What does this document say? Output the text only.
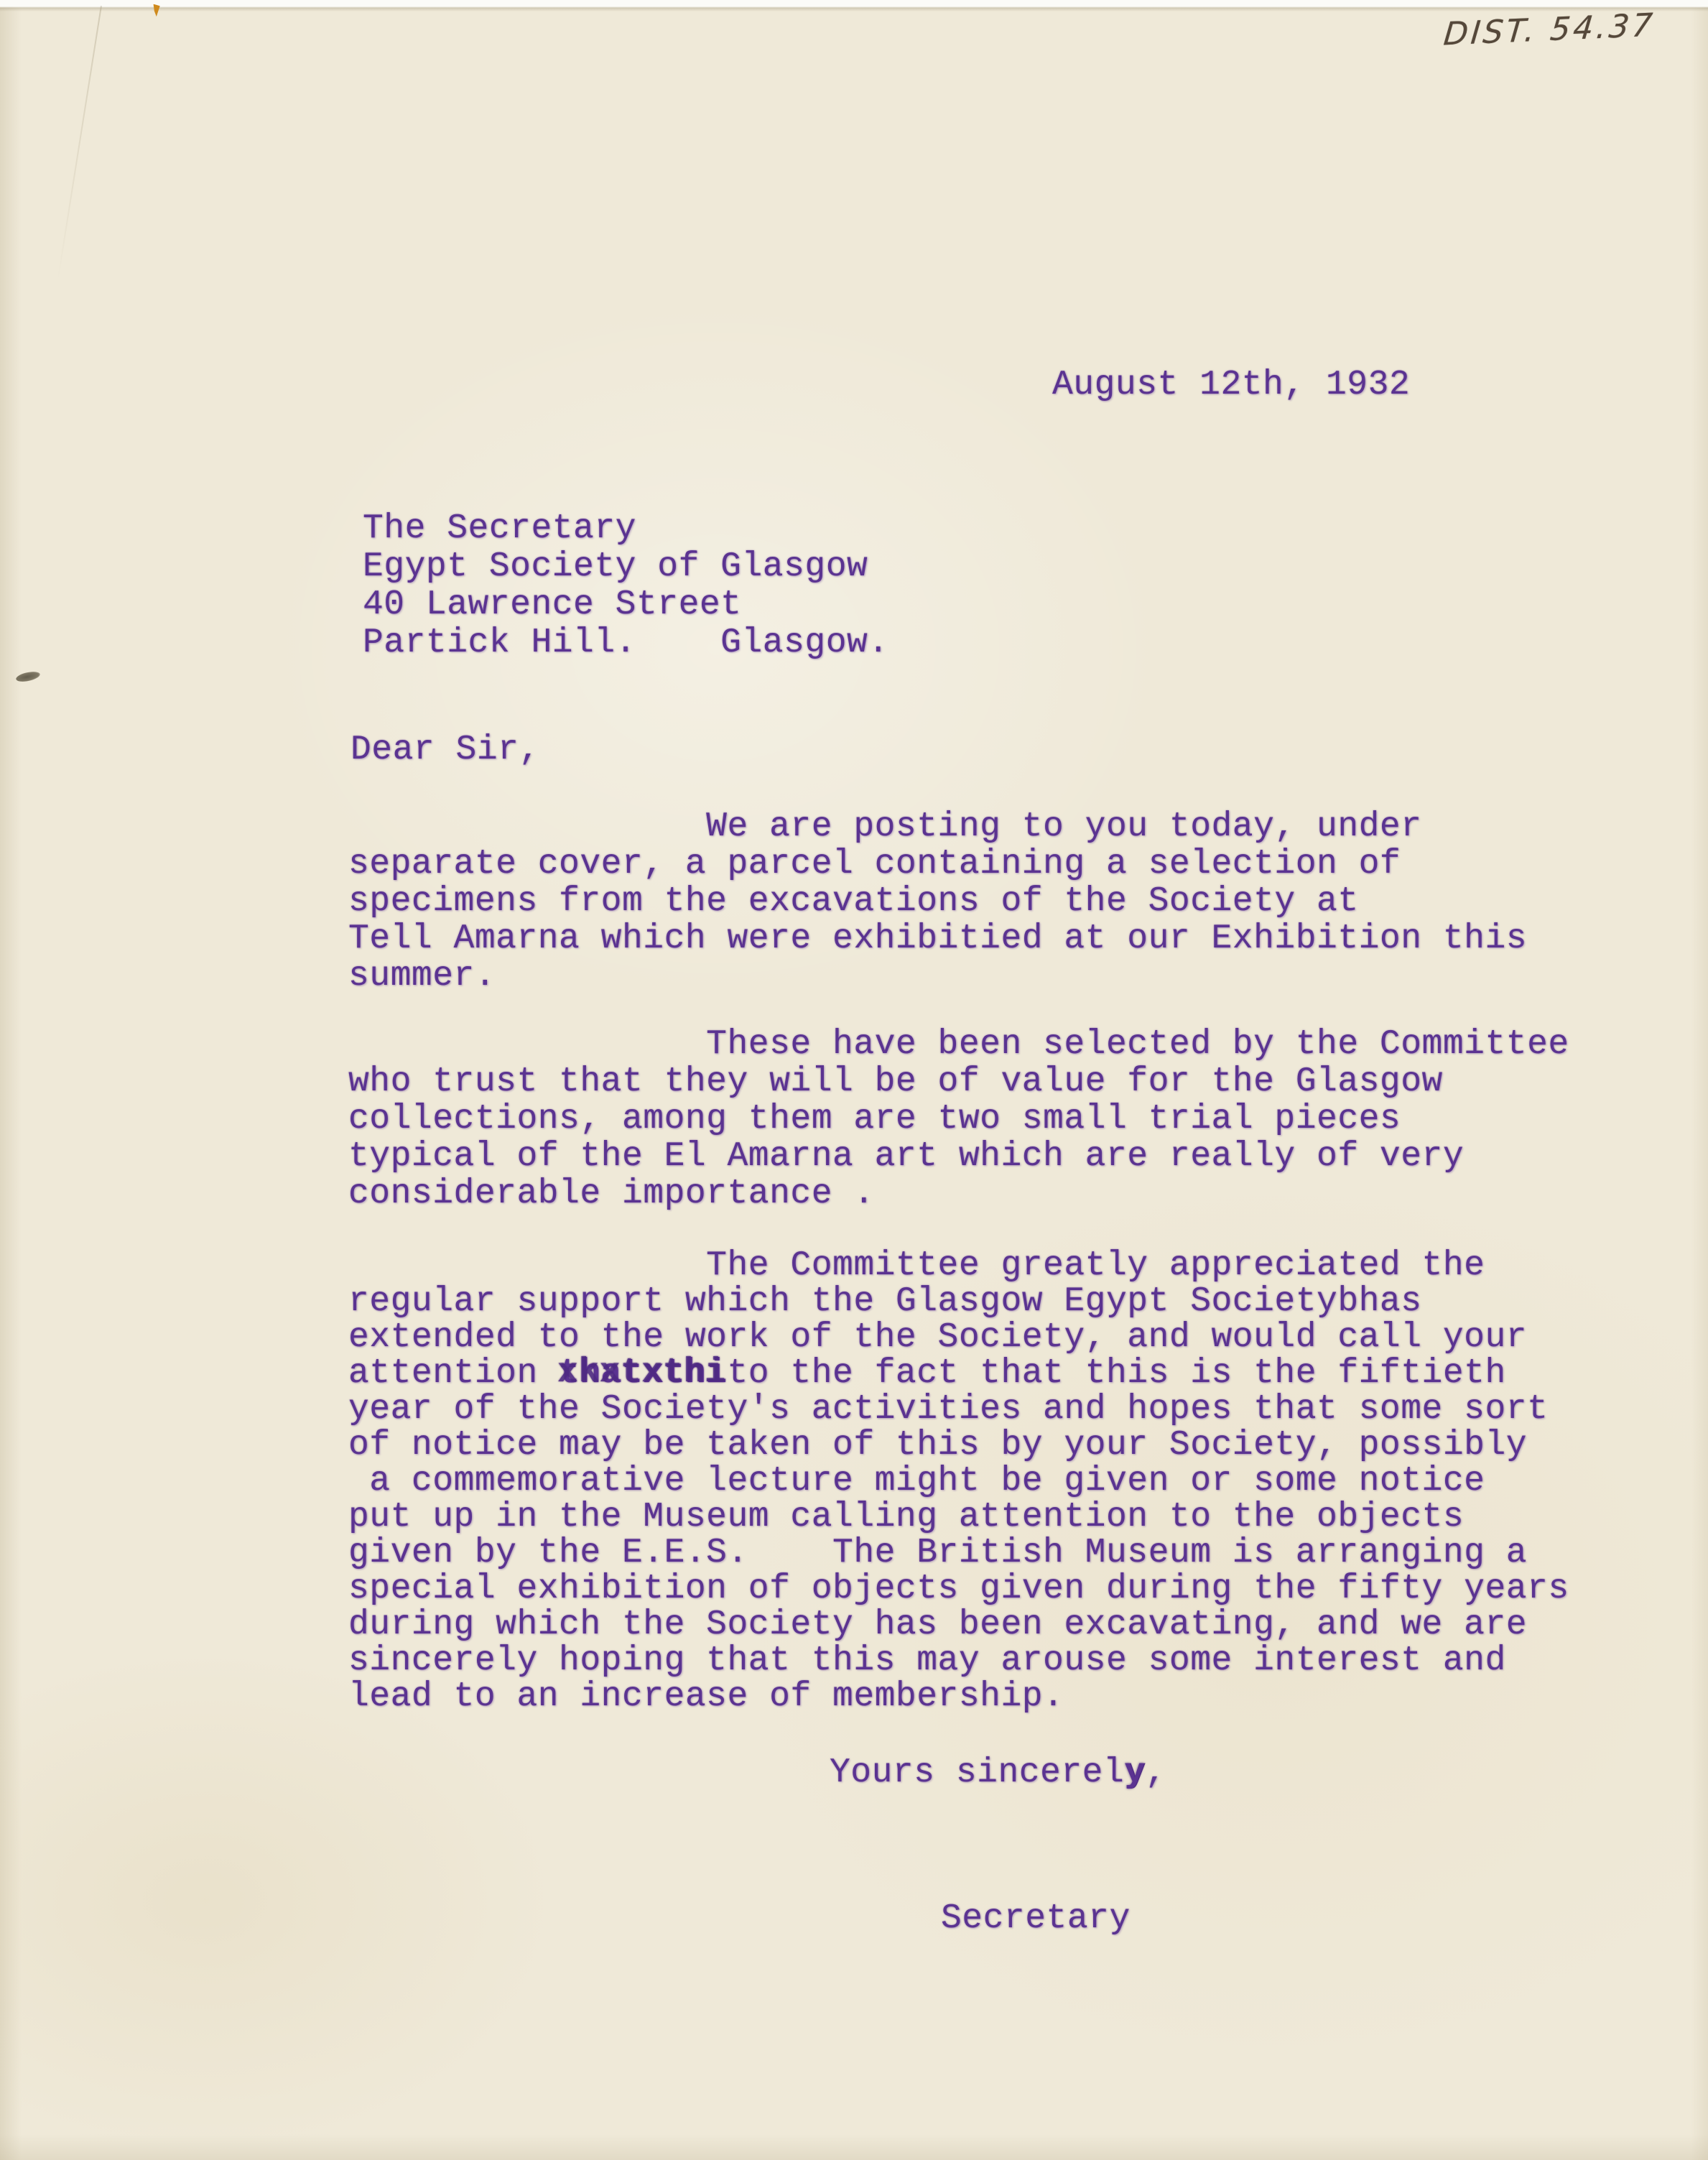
DIST. 54.37
August 12th, 1932
The Secretary
Egypt Society of Glasgow
40 Lawrence Street
Partick Hill.    Glasgow.
Dear Sir,
We are posting to you today, under
separate cover, a parcel containing a selection of
specimens from the excavations of the Society at
Tell Amarna which were exhibitied at our Exhibition this
summer.
These have been selected by the Committee
who trust that they will be of value for the Glasgow
collections, among them are two small trial pieces
typical of the El Amarna art which are really of very
considerable importance .
The Committee greatly appreciated the
regular support which the Glasgow Egypt Societybhas
extended to the work of the Society, and would call your
attention thatxthi xkxtxthito the fact that this is the fiftieth
year of the Society's activities and hopes that some sort
of notice may be taken of this by your Society, possibly
a commemorative lecture might be given or some notice
put up in the Museum calling attention to the objects
given by the E.E.S.    The British Museum is arranging a
special exhibition of objects given during the fifty years
during which the Society has been excavating, and we are
sincerely hoping that this may arouse some interest and
lead to an increase of membership.
Yours sincerely,
Secretary
